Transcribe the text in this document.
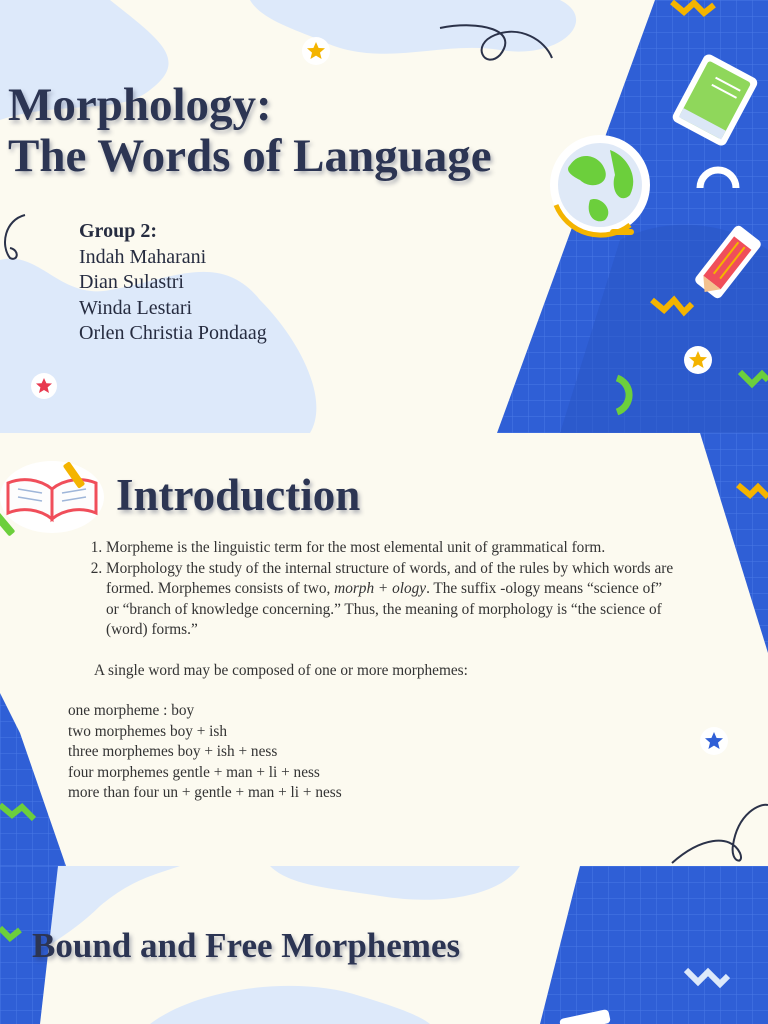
Morphology:
The Words of Language
Group 2:
Indah Maharani
Dian Sulastri
Winda Lestari
Orlen Christia Pondaag
Introduction
1. Morpheme is the linguistic term for the most elemental unit of grammatical form.
2. Morphology the study of the internal structure of words, and of the rules by which words are formed. Morphemes consists of two, morph + ology. The suffix -ology means “science of” or “branch of knowledge concerning.” Thus, the meaning of morphology is “the science of (word) forms.”
A single word may be composed of one or more morphemes:
one morpheme : boy
two morphemes boy + ish
three morphemes boy + ish + ness
four morphemes gentle + man + li + ness
more than four un + gentle + man + li + ness
Bound and Free Morphemes
